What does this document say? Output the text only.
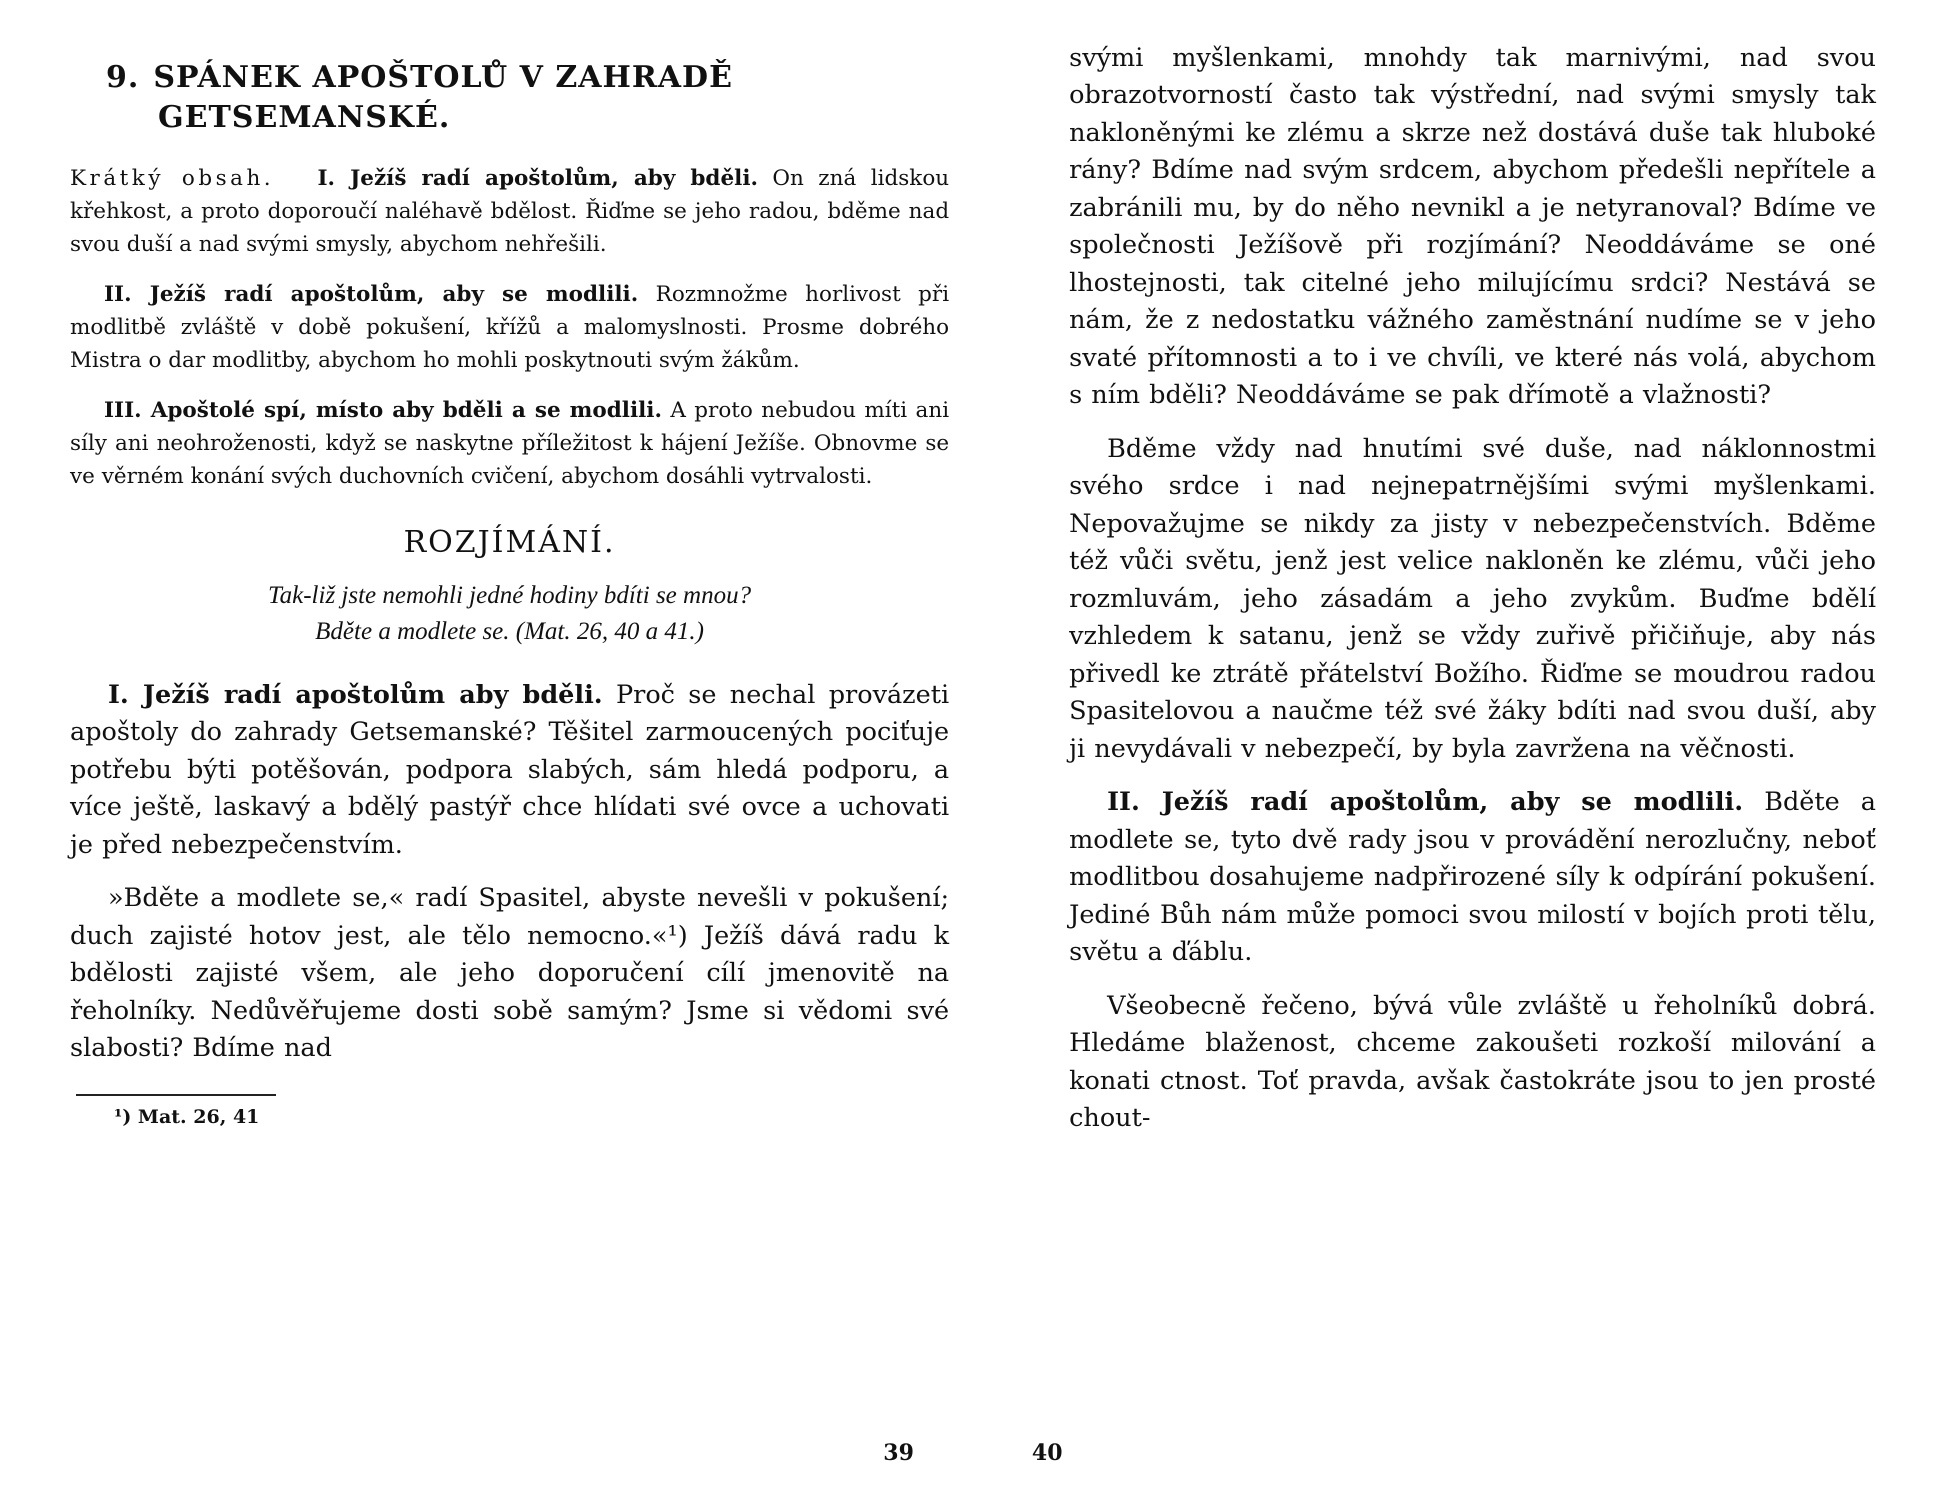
9. SPÁNEK APOŠTOLŮ V ZAHRADĚ
GETSEMANSKÉ.

Krátký obsah. I. Ježíš radí apoštolům, aby bděli. On zná lidskou křehkost, a proto doporoučí naléhavě bdělost. Řiďme se jeho radou, bděme nad svou duší a nad svými smysly, abychom nehřešili.

II. Ježíš radí apoštolům, aby se modlili. Rozmnožme horlivost při modlitbě zvláště v době pokušení, křížů a malomyslnosti. Prosme dobrého Mistra o dar modlitby, abychom ho mohli poskytnouti svým žákům.

III. Apoštolé spí, místo aby bděli a se modlili. A proto nebudou míti ani síly ani neohroženosti, když se naskytne příležitost k hájení Ježíše. Obnovme se ve věrném konání svých duchovních cvičení, abychom dosáhli vytrvalosti.

ROZJÍMÁNÍ.
Tak-liž jste nemohli jedné hodiny bdíti se mnou?
Bděte a modlete se. (Mat. 26, 40 a 41.)

I. Ježíš radí apoštolům aby bděli. Proč se nechal provázeti apoštoly do zahrady Getsemanské? Těšitel zarmoucených pociťuje potřebu býti potěšován, podpora slabých, sám hledá podporu, a více ještě, laskavý a bdělý pastýř chce hlídati své ovce a uchovati je před nebezpečenstvím.

»Bděte a modlete se,« radí Spasitel, abyste nevešli v pokušení; duch zajisté hotov jest, ale tělo nemocno.«¹) Ježíš dává radu k bdělosti zajisté všem, ale jeho doporučení cílí jmenovitě na řeholníky. Nedůvěřujeme dosti sobě samým? Jsme si vědomi své slabosti? Bdíme nad

¹) Mat. 26, 41

svými myšlenkami, mnohdy tak marnivými, nad svou obrazotvorností často tak výstřední, nad svými smysly tak nakloněnými ke zlému a skrze než dostává duše tak hluboké rány? Bdíme nad svým srdcem, abychom předešli nepřítele a zabránili mu, by do něho nevnikl a je netyranoval? Bdíme ve společnosti Ježíšově při rozjímání? Neoddáváme se oné lhostejnosti, tak citelné jeho milujícímu srdci? Nestává se nám, že z nedostatku vážného zaměstnání nudíme se v jeho svaté přítomnosti a to i ve chvíli, ve které nás volá, abychom s ním bděli? Neoddáváme se pak dřímotě a vlažnosti?

Bděme vždy nad hnutími své duše, nad náklonnostmi svého srdce i nad nejnepatrnějšími svými myšlenkami. Nepovažujme se nikdy za jisty v nebezpečenstvích. Bděme též vůči světu, jenž jest velice nakloněn ke zlému, vůči jeho rozmluvám, jeho zásadám a jeho zvykům. Buďme bdělí vzhledem k satanu, jenž se vždy zuřivě přičiňuje, aby nás přivedl ke ztrátě přátelství Božího. Řiďme se moudrou radou Spasitelovou a naučme též své žáky bdíti nad svou duší, aby ji nevydávali v nebezpečí, by byla zavržena na věčnosti.

II. Ježíš radí apoštolům, aby se modlili. Bděte a modlete se, tyto dvě rady jsou v provádění nerozlučny, neboť modlitbou dosahujeme nadpřirozené síly k odpírání pokušení. Jediné Bůh nám může pomoci svou milostí v bojích proti tělu, světu a ďáblu.

Všeobecně řečeno, bývá vůle zvláště u řeholníků dobrá. Hledáme blaženost, chceme zakoušeti rozkoší milování a konati ctnost. Toť pravda, avšak častokráte jsou to jen prosté chout-

39	40
